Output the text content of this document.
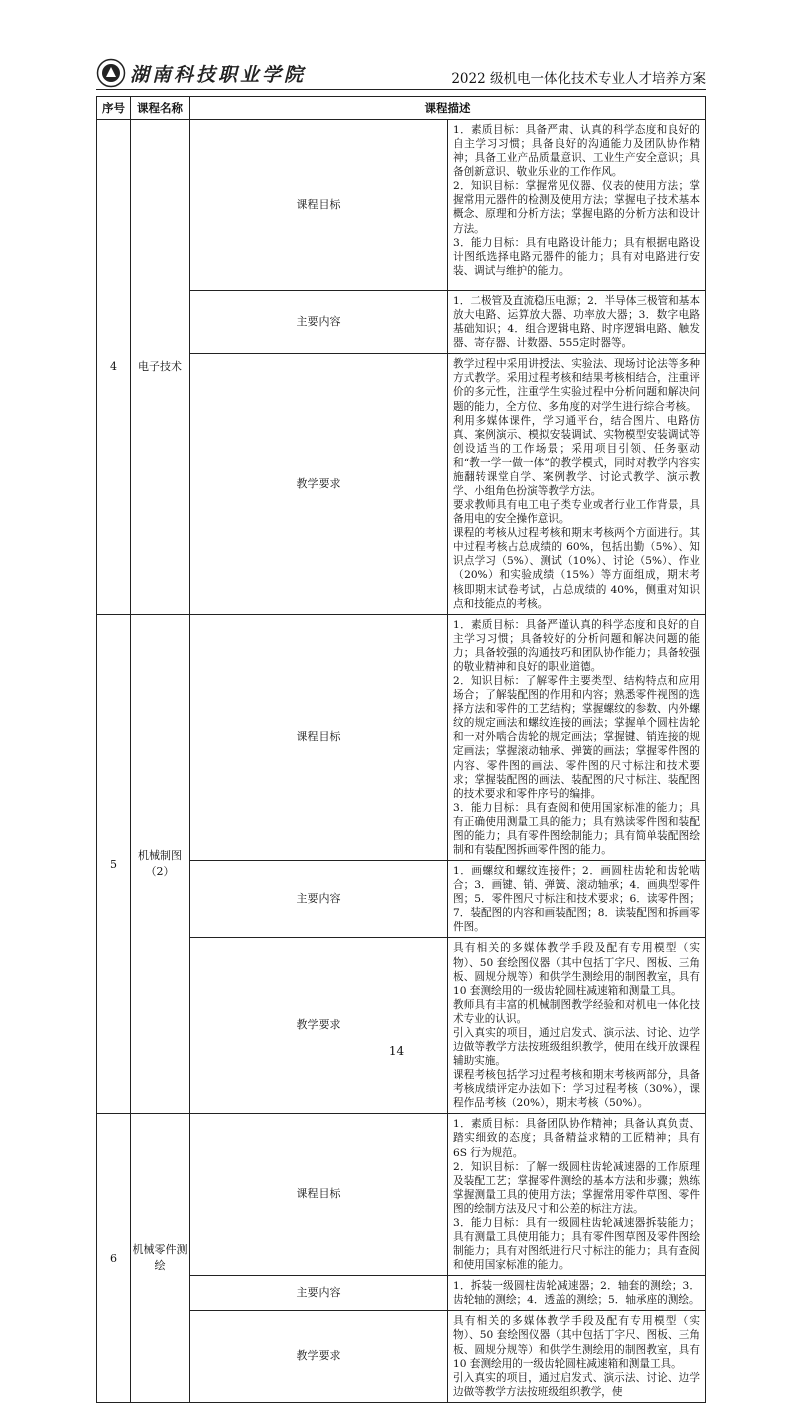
湖南科技职业学院	2022 级机电一体化技术专业人才培养方案
序号	课程名称	课程描述	
4	电子技术	课程目标	1．素质目标：具备严肃、认真的科学态度和良好的自主学习习惯；具备良好的沟通能力及团队协作精神；具备工业产品质量意识、工业生产安全意识；具备创新意识、敬业乐业的工作作风。

2．知识目标：掌握常见仪器、仪表的使用方法；掌握常用元器件的检测及使用方法；掌握电子技术基本概念、原理和分析方法；掌握电路的分析方法和设计方法。

3．能力目标：具有电路设计能力；具有根据电路设计图纸选择电路元器件的能力；具有对电路进行安装、调试与维护的能力。

		主要内容	1．二极管及直流稳压电源；2．半导体三极管和基本放大电路、运算放大器、功率放大器；3．数字电路基础知识；4．组合逻辑电路、时序逻辑电路、触发器、寄存器、计数器、555定时器等。

		教学要求	教学过程中采用讲授法、实验法、现场讨论法等多种方式教学。采用过程考核和结果考核相结合，注重评价的多元性，注重学生实验过程中分析问题和解决问题的能力，全方位、多角度的对学生进行综合考核。

利用多媒体课件，学习通平台，结合图片、电路仿真、案例演示、模拟安装调试、实物模型安装调试等创设适当的工作场景；采用项目引领、任务驱动和“教一学一做一体”的教学模式，同时对教学内容实施翻转课堂自学、案例教学、讨论式教学、演示教学、小组角色扮演等教学方法。

要求教师具有电工电子类专业或者行业工作背景，具备用电的安全操作意识。

课程的考核从过程考核和期末考核两个方面进行。其中过程考核占总成绩的 60%，包括出勤（5%）、知识点学习（5%）、测试（10%）、讨论（5%）、作业（20%）和实验成绩（15%）等方面组成，期末考核即期末试卷考试，占总成绩的 40%，侧重对知识点和技能点的考核。

5	机械制图（2）	课程目标	1．素质目标：具备严谨认真的科学态度和良好的自主学习习惯；具备较好的分析问题和解决问题的能力；具备较强的沟通技巧和团队协作能力；具备较强的敬业精神和良好的职业道德。

2．知识目标：了解零件主要类型、结构特点和应用场合；了解装配图的作用和内容；熟悉零件视图的选择方法和零件的工艺结构；掌握螺纹的参数、内外螺纹的规定画法和螺纹连接的画法；掌握单个圆柱齿轮和一对外啮合齿轮的规定画法；掌握键、销连接的规定画法；掌握滚动轴承、弹簧的画法；掌握零件图的内容、零件图的画法、零件图的尺寸标注和技术要求；掌握装配图的画法、装配图的尺寸标注、装配图的技术要求和零件序号的编排。

3．能力目标：具有查阅和使用国家标准的能力；具有正确使用测量工具的能力；具有熟读零件图和装配图的能力；具有零件图绘制能力；具有简单装配图绘制和有装配图拆画零件图的能力。

		主要内容	1．画螺纹和螺纹连接件；2．画圆柱齿轮和齿轮啮合；3．画键、销、弹簧、滚动轴承；4．画典型零件图；5．零件图尺寸标注和技术要求；6．读零件图；7．装配图的内容和画装配图；8．读装配图和拆画零件图。

		教学要求	具有相关的多媒体教学手段及配有专用模型（实物）、50 套绘图仪器（其中包括丁字尺、图板、三角板、圆规分规等）和供学生测绘用的制图教室，具有 10 套测绘用的一级齿轮圆柱减速箱和测量工具。

教师具有丰富的机械制图教学经验和对机电一体化技术专业的认识。

引入真实的项目，通过启发式、演示法、讨论、边学边做等教学方法按班级组织教学，使用在线开放课程辅助实施。

课程考核包括学习过程考核和期末考核两部分，具备考核成绩评定办法如下：学习过程考核（30%），课程作品考核（20%），期末考核（50%）。

6	机械零件测绘	课程目标	1．素质目标：具备团队协作精神；具备认真负责、踏实细致的态度；具备精益求精的工匠精神；具有 6S 行为规范。

2．知识目标：了解一级圆柱齿轮减速器的工作原理及装配工艺；掌握零件测绘的基本方法和步骤；熟练掌握测量工具的使用方法；掌握常用零件草图、零件图的绘制方法及尺寸和公差的标注方法。

3．能力目标：具有一级圆柱齿轮减速器拆装能力；具有测量工具使用能力；具有零件图草图及零件图绘制能力；具有对图纸进行尺寸标注的能力；具有查阅和使用国家标准的能力。

		主要内容	1．拆装一级圆柱齿轮减速器；2．轴套的测绘；3．齿轮轴的测绘；4．透盖的测绘；5．轴承座的测绘。

		教学要求	具有相关的多媒体教学手段及配有专用模型（实物）、50 套绘图仪器（其中包括丁字尺、图板、三角板、圆规分规等）和供学生测绘用的制图教室，具有 10 套测绘用的一级齿轮圆柱减速箱和测量工具。

引入真实的项目，通过启发式、演示法、讨论、边学边做等教学方法按班级组织教学，使

14
